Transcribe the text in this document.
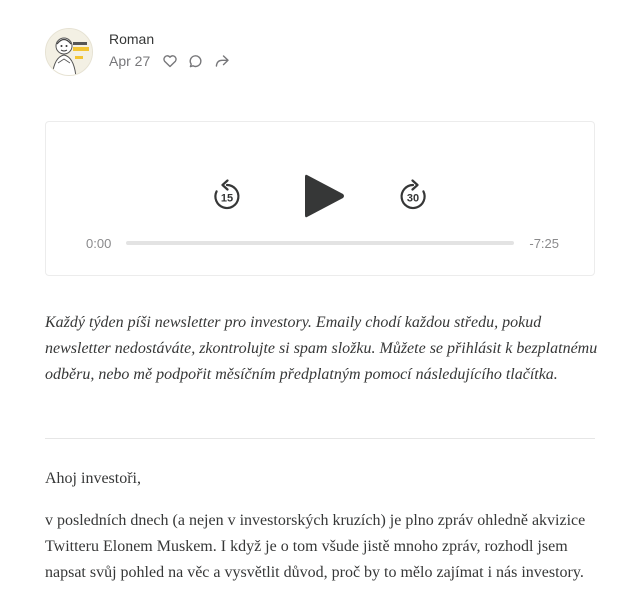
Roman
Apr 27
15	30
0:00	-7:25

Každý týden píši newsletter pro investory. Emaily chodí každou středu, pokud newsletter nedostáváte, zkontrolujte si spam složku. Můžete se přihlásit k bezplatnému odběru, nebo mě podpořit měsíčním předplatným pomocí následujícího tlačítka.

Ahoj investoři,

v posledních dnech (a nejen v investorských kruzích) je plno zpráv ohledně akvizice Twitteru Elonem Muskem. I když je o tom všude jistě mnoho zpráv, rozhodl jsem napsat svůj pohled na věc a vysvětlit důvod, proč by to mělo zajímat i nás investory.
